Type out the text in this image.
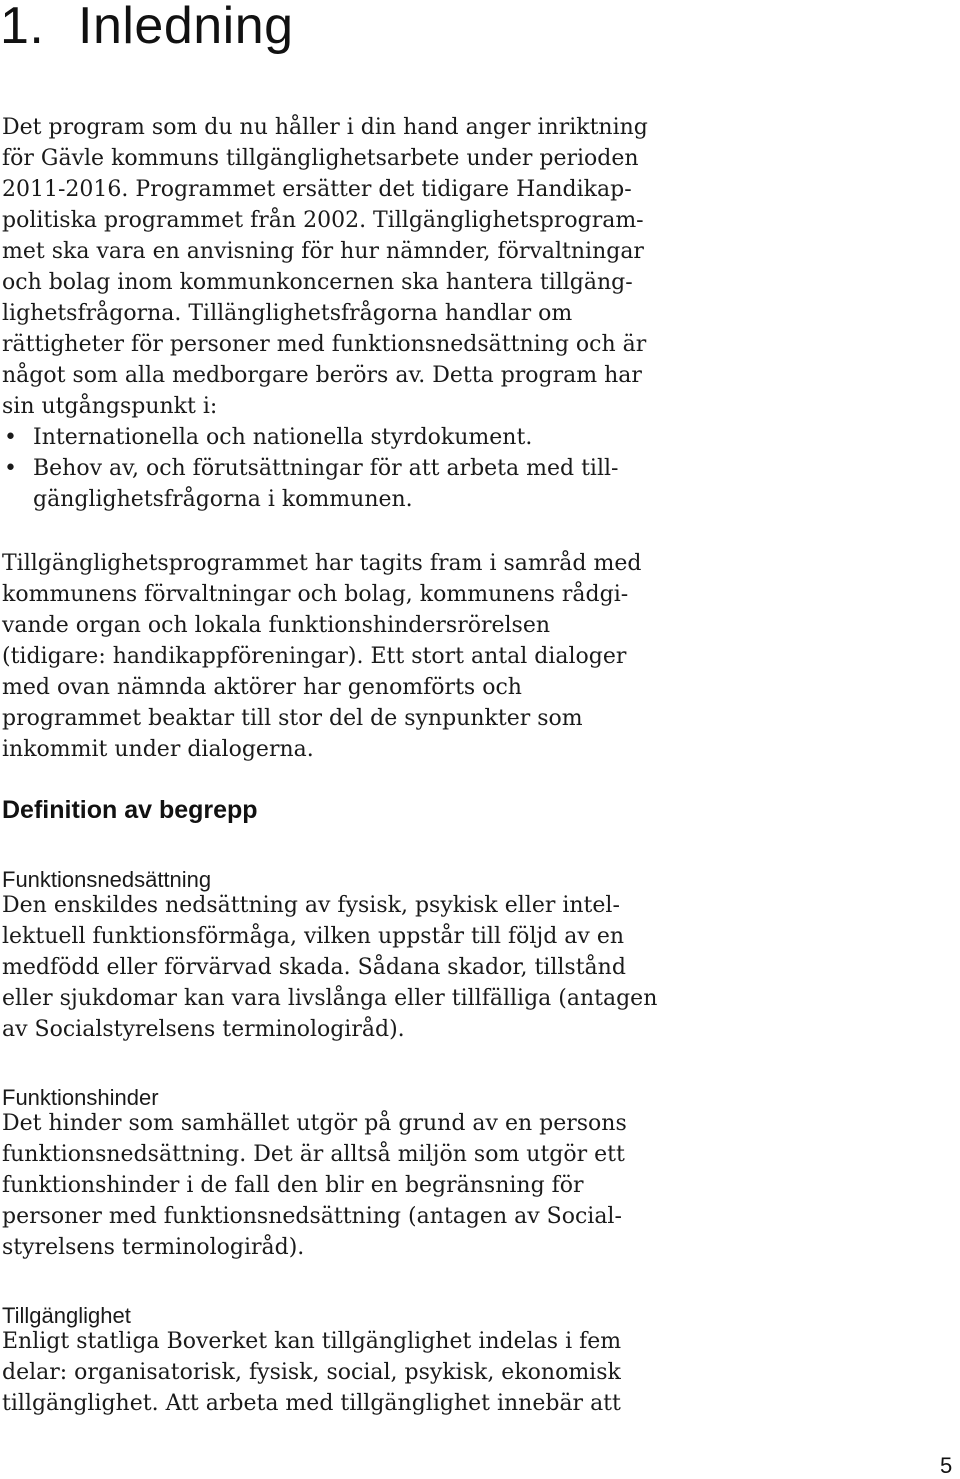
1. Inledning

Det program som du nu håller i din hand anger inriktning för Gävle kommuns tillgänglighetsarbete under perioden 2011-2016. Programmet ersätter det tidigare Handikap-politiska programmet från 2002. Tillgänglighetsprogram-met ska vara en anvisning för hur nämnder, förvaltningar och bolag inom kommunkoncernen ska hantera tillgäng-lighetsfrågorna. Tillänglighetsfrågorna handlar om rättigheter för personer med funktionsnedsättning och är något som alla medborgare berörs av. Detta program har sin utgångspunkt i:

• Internationella och nationella styrdokument.
• Behov av, och förutsättningar för att arbeta med till-gänglighetsfrågorna i kommunen.

Tillgänglighetsprogrammet har tagits fram i samråd med kommunens förvaltningar och bolag, kommunens rådgi-vande organ och lokala funktionshindersrörelsen (tidigare: handikappföreningar). Ett stort antal dialoger med ovan nämnda aktörer har genomförts och programmet beaktar till stor del de synpunkter som inkommit under dialogerna.

Definition av begrepp
Funktionsnedsättning

Den enskildes nedsättning av fysisk, psykisk eller intel-lektuell funktionsförmåga, vilken uppstår till följd av en medfödd eller förvärvad skada. Sådana skador, tillstånd eller sjukdomar kan vara livslånga eller tillfälliga (antagen av Socialstyrelsens terminologiråd).

Funktionshinder

Det hinder som samhället utgör på grund av en persons funktionsnedsättning. Det är alltså miljön som utgör ett funktionshinder i de fall den blir en begränsning för personer med funktionsnedsättning (antagen av Social-styrelsens terminologiråd).

Tillgänglighet

Enligt statliga Boverket kan tillgänglighet indelas i fem delar: organisatorisk, fysisk, social, psykisk, ekonomisk tillgänglighet. Att arbeta med tillgänglighet innebär att

5
